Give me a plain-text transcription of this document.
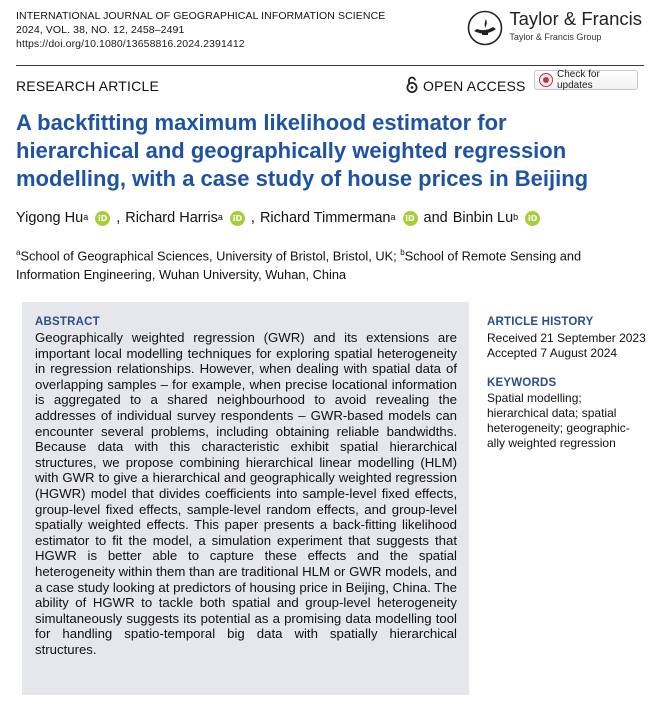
INTERNATIONAL JOURNAL OF GEOGRAPHICAL INFORMATION SCIENCE
2024, VOL. 38, NO. 12, 2458–2491
https://doi.org/10.1080/13658816.2024.2391412
Taylor & Francis
Taylor & Francis Group
RESEARCH ARTICLE	OPEN ACCESS
Check for updates
A backfitting maximum likelihood estimator for
hierarchical and geographically weighted regression
modelling, with a case study of house prices in Beijing
Yigong Hu$^a$	iD , Richard Harris$^a$	iD , Richard Timmerman$^a$	iD and Binbin Lu$^b$	iD
$^a$School of Geographical Sciences, University of Bristol, Bristol, UK; $^b$School of Remote Sensing and Information Engineering, Wuhan University, Wuhan, China
ABSTRACT
Geographically weighted regression (GWR) and its extensions are important local modelling techniques for exploring spatial heterogeneity in regression relationships. However, when dealing with spatial data of overlapping samples – for example, when precise locational information is aggregated to a shared neighbourhood to avoid revealing the addresses of individual survey respondents – GWR-based models can encounter several problems, including obtaining reliable bandwidths. Because data with this characteristic exhibit spatial hierarchical structures, we propose combining hierarchical linear modelling (HLM) with GWR to give a hierarchical and geographically weighted regression (HGWR) model that divides coefficients into sample-level fixed effects, group-level fixed effects, sample-level random effects, and group-level spatially weighted effects. This paper presents a back-fitting likelihood estimator to fit the model, a simulation experiment that suggests that HGWR is better able to capture these effects and the spatial heterogeneity within them than are traditional HLM or GWR models, and a case study looking at predictors of housing price in Beijing, China. The ability of HGWR to tackle both spatial and group-level heterogeneity simultaneously suggests its potential as a promising data modelling tool for handling spatio-temporal big data with spatially hierarchical structures.
ARTICLE HISTORY
Received 21 September 2023
Accepted 7 August 2024
KEYWORDS
Spatial modelling;
hierarchical data; spatial
heterogeneity; geographic-
ally weighted regression
